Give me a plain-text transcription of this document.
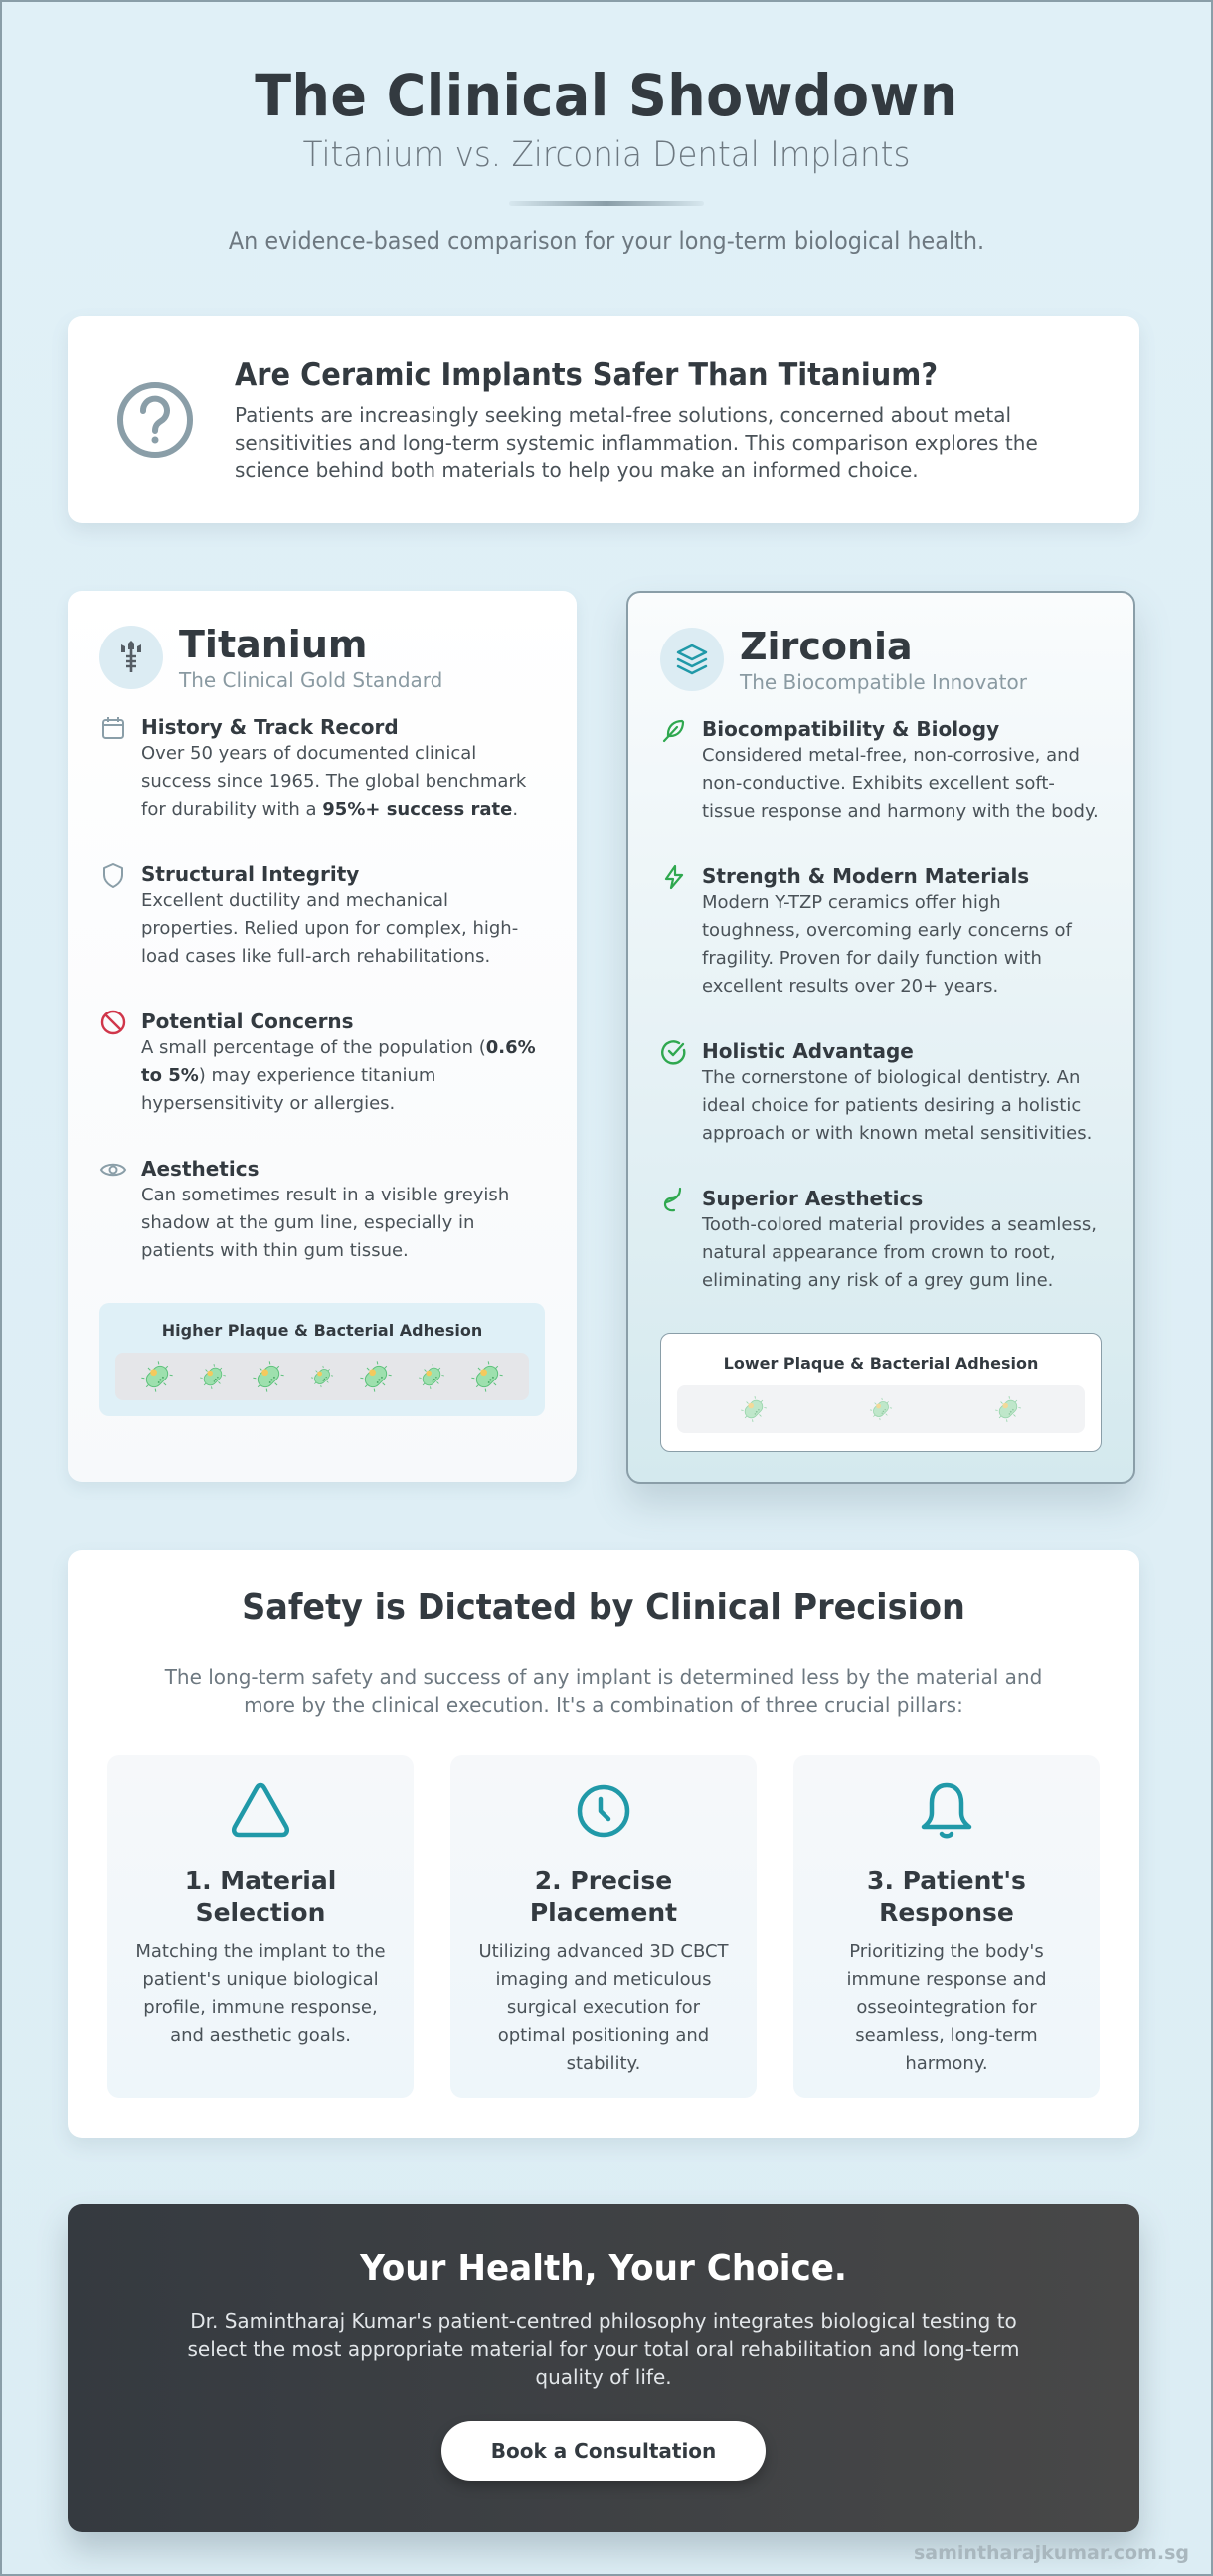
The Clinical Showdown
Titanium vs. Zirconia Dental Implants

An evidence-based comparison for your long-term biological health.

Are Ceramic Implants Safer Than Titanium?

Patients are increasingly seeking metal-free solutions, concerned about metal sensitivities and long-term systemic inflammation. This comparison explores the science behind both materials to help you make an informed choice.

Titanium
The Clinical Gold Standard
History & Track Record
Over 50 years of documented clinical success since 1965. The global benchmark for durability with a 95%+ success rate.
Structural Integrity
Excellent ductility and mechanical properties. Relied upon for complex, high-load cases like full-arch rehabilitations.
Potential Concerns
A small percentage of the population (0.6% to 5%) may experience titanium hypersensitivity or allergies.
Aesthetics
Can sometimes result in a visible greyish shadow at the gum line, especially in patients with thin gum tissue.
Higher Plaque & Bacterial Adhesion
Zirconia
The Biocompatible Innovator
Biocompatibility & Biology
Considered metal-free, non-corrosive, and non-conductive. Exhibits excellent soft-tissue response and harmony with the body.
Strength & Modern Materials
Modern Y-TZP ceramics offer high toughness, overcoming early concerns of fragility. Proven for daily function with excellent results over 20+ years.
Holistic Advantage
The cornerstone of biological dentistry. An ideal choice for patients desiring a holistic approach or with known metal sensitivities.
Superior Aesthetics
Tooth-colored material provides a seamless, natural appearance from crown to root, eliminating any risk of a grey gum line.
Lower Plaque & Bacterial Adhesion
Safety is Dictated by Clinical Precision

The long-term safety and success of any implant is determined less by the material and more by the clinical execution. It's a combination of three crucial pillars:

1. Material Selection
Matching the implant to the patient's unique biological profile, immune response, and aesthetic goals.
2. Precise Placement
Utilizing advanced 3D CBCT imaging and meticulous surgical execution for optimal positioning and stability.
3. Patient's Response
Prioritizing the body's immune response and osseointegration for seamless, long-term harmony.
Your Health, Your Choice.

Dr. Samintharaj Kumar's patient-centred philosophy integrates biological testing to select the most appropriate material for your total oral rehabilitation and long-term quality of life.

Book a Consultation
samintharajkumar.com.sg
